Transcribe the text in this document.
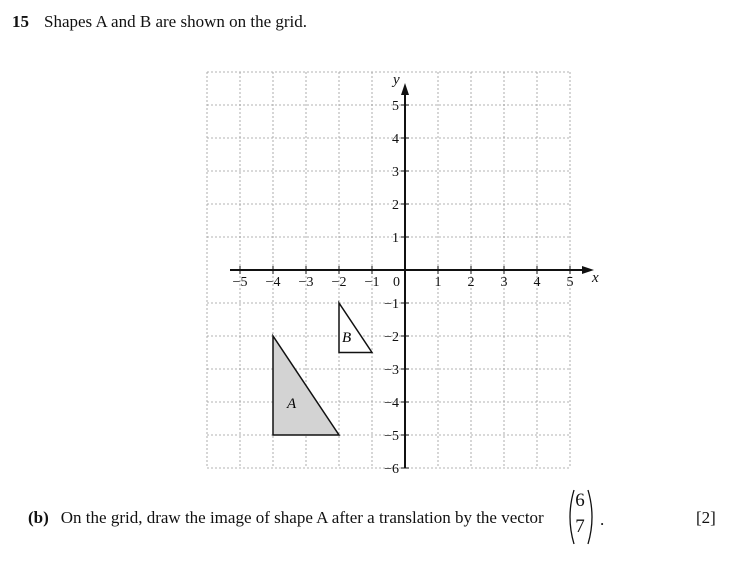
15 Shapes A and B are shown on the grid.
A
B
−5 −4 −3 −2 −1	1 2 3 4 5
5
4
3
2
1
−1
−2
−3
−4
−5
−6
0	x
y
(b) On the grid, draw the image of shape A after a translation by the vector
6
7 .	[2]
